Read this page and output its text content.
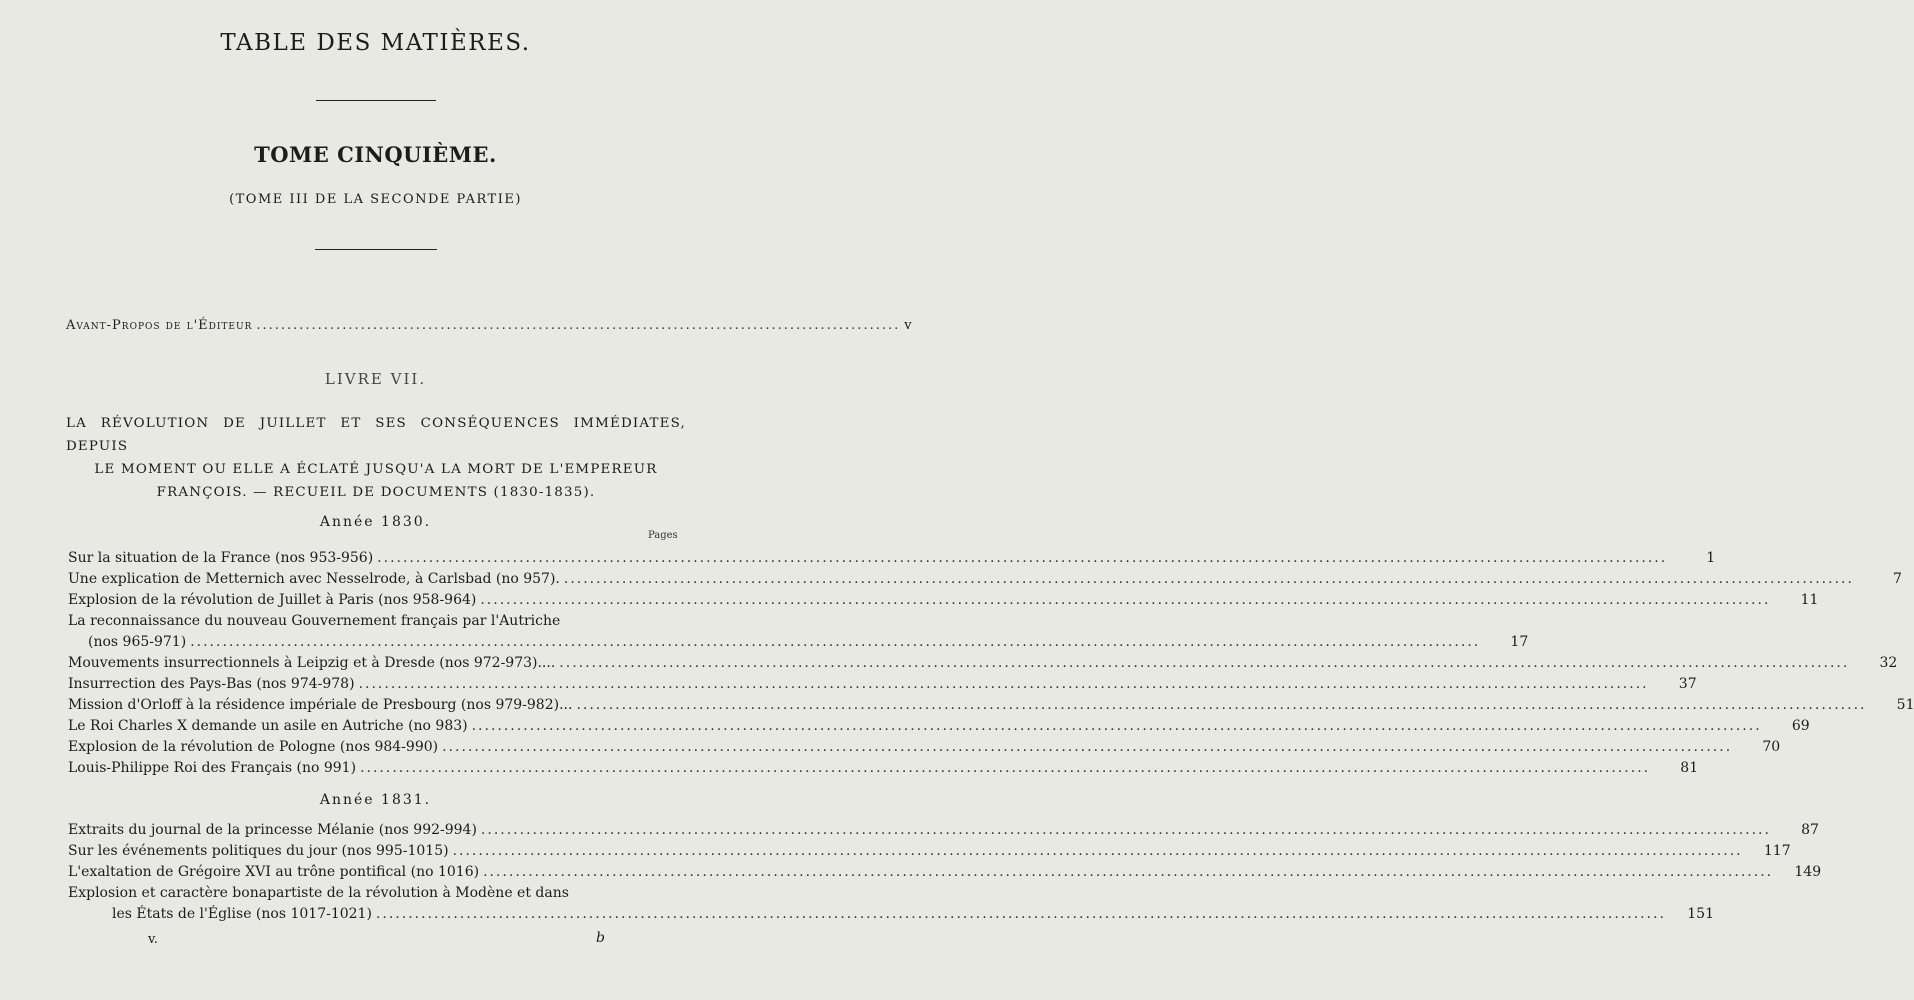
TABLE DES MATIÈRES.
TOME CINQUIÈME.
(TOME III DE LA SECONDE PARTIE)
Avant-Propos de l'Éditeur ......................................................................................................... v
LIVRE VII.
LA RÉVOLUTION DE JUILLET ET SES CONSÉQUENCES IMMÉDIATES, DEPUIS
LE MOMENT OU ELLE A ÉCLATÉ JUSQU'A LA MORT DE L'EMPEREUR
FRANÇOIS. — RECUEIL DE DOCUMENTS (1830-1835).
Année 1830.
Pages
Sur la situation de la France (nos 953-956) ........................................................................................................................................................................................................	1
Une explication de Metternich avec Nesselrode, à Carlsbad (no 957). ........................................................................................................................................................................................................	7
Explosion de la révolution de Juillet à Paris (nos 958-964) ........................................................................................................................................................................................................	11
La reconnaissance du nouveau Gouvernement français par l'Autriche
(nos 965-971) ........................................................................................................................................................................................................	17
Mouvements insurrectionnels à Leipzig et à Dresde (nos 972-973).... ........................................................................................................................................................................................................	32
Insurrection des Pays-Bas (nos 974-978) ........................................................................................................................................................................................................	37
Mission d'Orloff à la résidence impériale de Presbourg (nos 979-982)... ........................................................................................................................................................................................................	51
Le Roi Charles X demande un asile en Autriche (no 983) ........................................................................................................................................................................................................	69
Explosion de la révolution de Pologne (nos 984-990) ........................................................................................................................................................................................................	70
Louis-Philippe Roi des Français (no 991) ........................................................................................................................................................................................................	81
Année 1831.
Extraits du journal de la princesse Mélanie (nos 992-994) ........................................................................................................................................................................................................	87
Sur les événements politiques du jour (nos 995-1015) ........................................................................................................................................................................................................	117
L'exaltation de Grégoire XVI au trône pontifical (no 1016) ........................................................................................................................................................................................................	149
Explosion et caractère bonapartiste de la révolution à Modène et dans
les États de l'Église (nos 1017-1021) ........................................................................................................................................................................................................	151
v.	b
